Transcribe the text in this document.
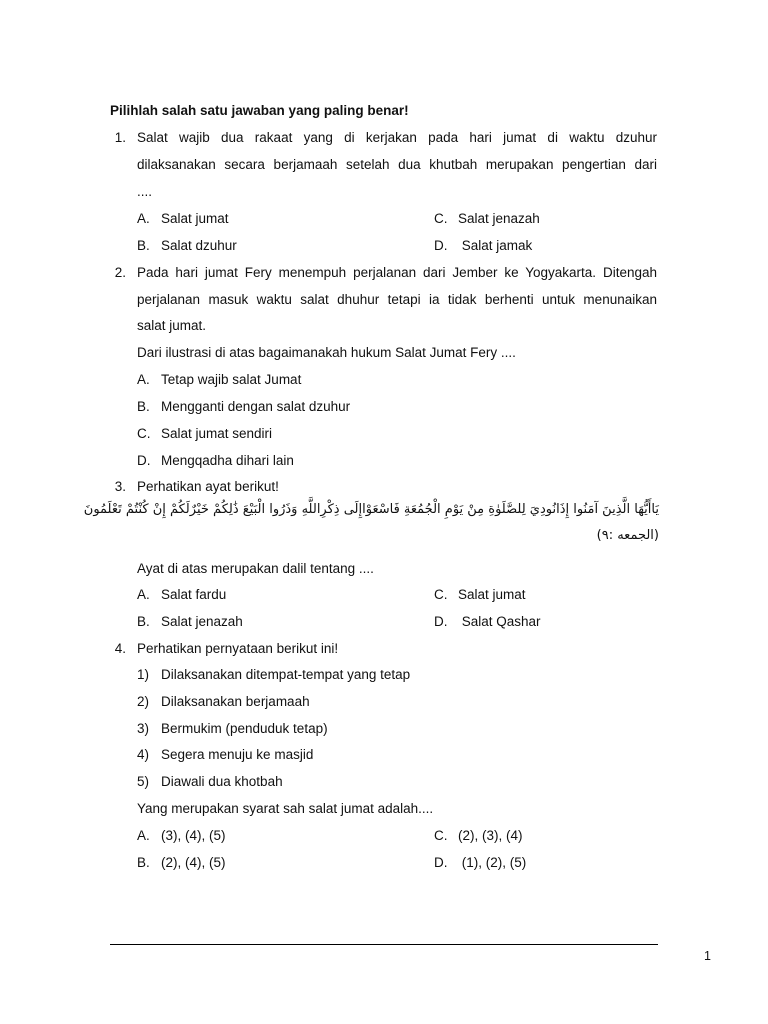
Pilihlah salah satu jawaban yang paling benar!
1. Salat wajib dua rakaat yang di kerjakan pada hari jumat di waktu dzuhur
dilaksanakan secara berjamaah setelah dua khutbah merupakan pengertian dari
....
A. Salat jumat	C. Salat jenazah
B. Salat dzuhur	D. Salat jamak
2. Pada hari jumat Fery menempuh perjalanan dari Jember ke Yogyakarta. Ditengah
perjalanan masuk waktu salat dhuhur tetapi ia tidak berhenti untuk menunaikan
salat jumat.
Dari ilustrasi di atas bagaimanakah hukum Salat Jumat Fery ....
A. Tetap wajib salat Jumat
B. Mengganti dengan salat dzuhur
C. Salat jumat sendiri
D. Mengqadha dihari lain
3. Perhatikan ayat berikut!
يَاأَيُّهَا الَّذِينَ آمَنُوا إِذَانُودِيَ لِلصَّلَوٰةِ مِنْ يَوْمِ الْجُمُعَةِ فَاسْعَوْاإِلَى ذِكْرِاللَّهِ وَذَرُوا الْبَيْعَ ذَٰلِكُمْ خَيْرٌلَكُمْ إِنْ كُنْتُمْ تَعْلَمُونَ
(الجمعه :٩)
Ayat di atas merupakan dalil tentang ....
A. Salat fardu	C. Salat jumat
B. Salat jenazah	D. Salat Qashar
4. Perhatikan pernyataan berikut ini!
1) Dilaksanakan ditempat-tempat yang tetap
2) Dilaksanakan berjamaah
3) Bermukim (penduduk tetap)
4) Segera menuju ke masjid
5) Diawali dua khotbah
Yang merupakan syarat sah salat jumat adalah....
A. (3), (4), (5)	C. (2), (3), (4)
B. (2), (4), (5)	D. (1), (2), (5)
1
